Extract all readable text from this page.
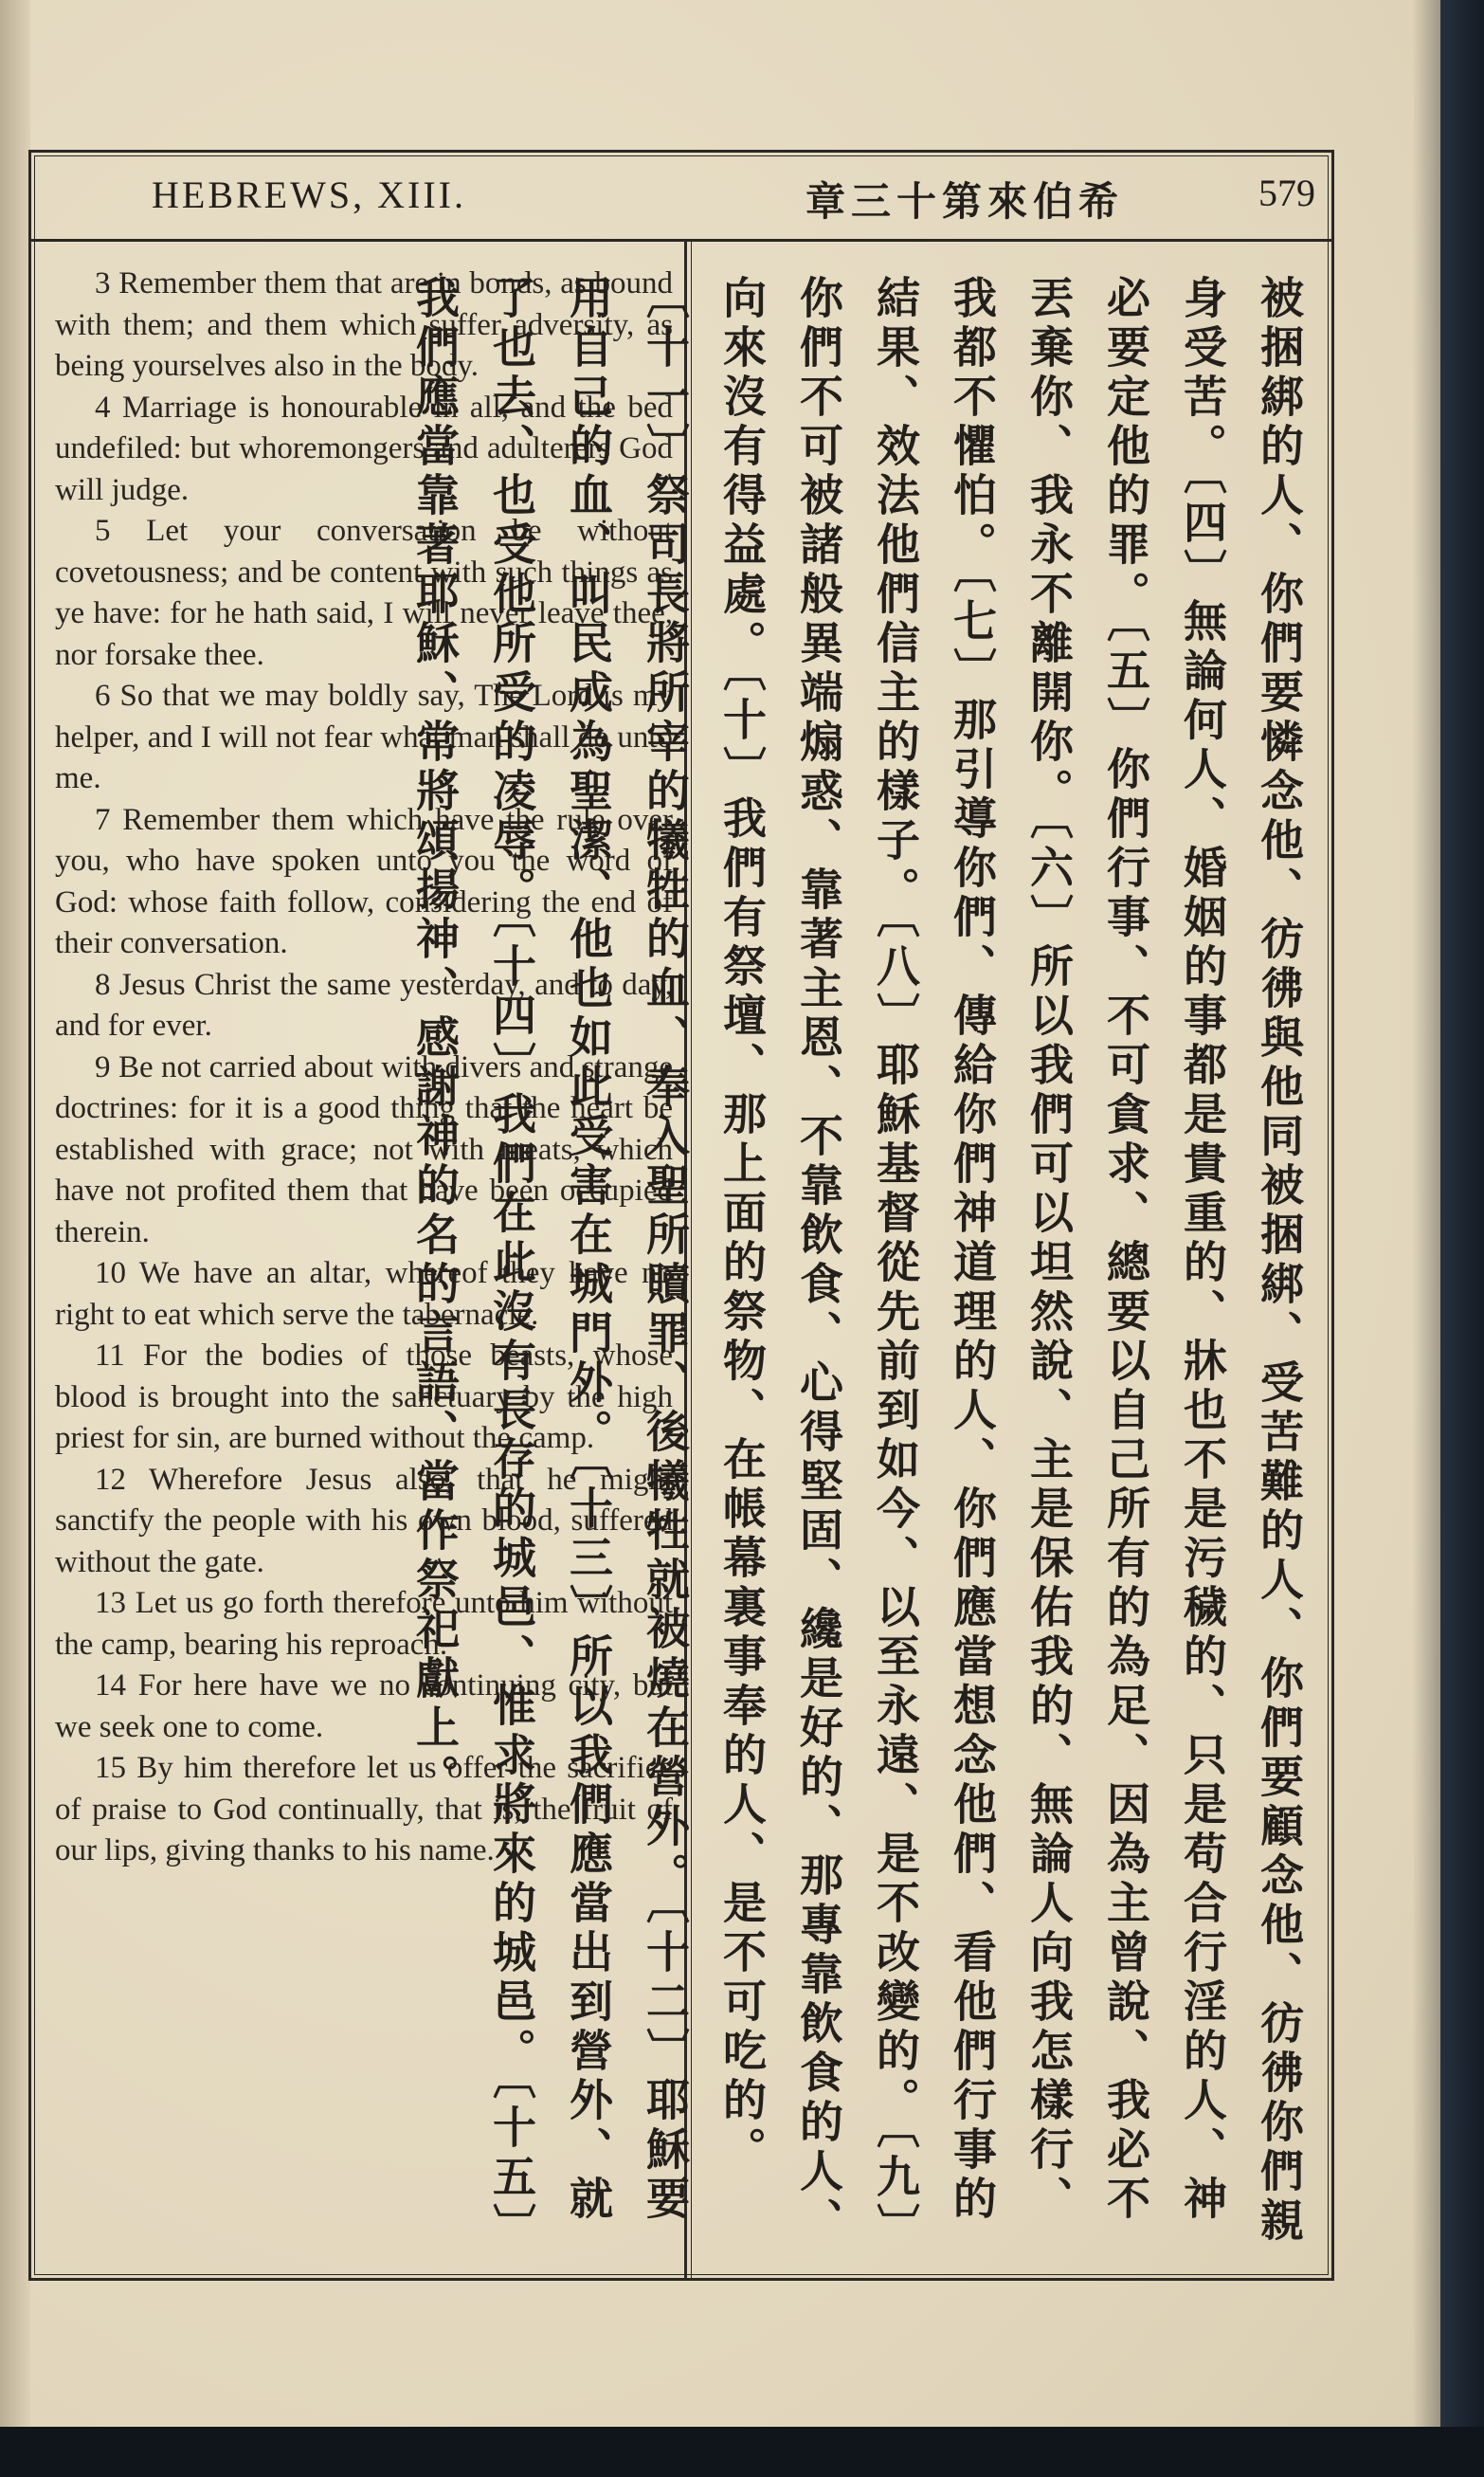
HEBREWS, XIII.	章三十第來伯希	579

3 Remember them that are in bonds, as bound with them; and them which suffer adversity, as being yourselves also in the body.

4 Marriage is honourable in all, and the bed undefiled: but whoremongers and adulterers God will judge.

5 Let your conversation be without covetousness; and be content with such things as ye have: for he hath said, I will never leave thee, nor forsake thee.

6 So that we may boldly say, The Lord is my helper, and I will not fear what man shall do unto me.

7 Remember them which have the rule over you, who have spoken unto you the word of God: whose faith follow, considering the end of their conversation.

8 Jesus Christ the same yesterday, and to day, and for ever.

9 Be not carried about with divers and strange doctrines: for it is a good thing that the heart be established with grace; not with meats, which have not profited them that have been occupied therein.

10 We have an altar, whereof they have no right to eat which serve the tabernacle.

11 For the bodies of those beasts, whose blood is brought into the sanctuary by the high priest for sin, are burned without the camp.

12 Wherefore Jesus also, that he might sanctify the people with his own blood, suffered without the gate.

13 Let us go forth therefore unto him without the camp, bearing his reproach.

14 For here have we no continuing city, but we seek one to come.

15 By him therefore let us offer the sacrifice of praise to God continually, that is, the fruit of our lips, giving thanks to his name.	被捆綁的人、你們要憐念他、彷彿與他同被捆綁、受苦難的人、你們要顧念他、彷彿你們親身受苦。〔四〕無論何人、婚姻的事都是貴重的、牀也不是污穢的、只是苟合行淫的人、神必要定他的罪。〔五〕你們行事、不可貪求、總要以自己所有的為足、因為主曾說、我必不丟棄你、我永不離開你。〔六〕所以我們可以坦然說、主是保佑我的、無論人向我怎樣行、我都不懼怕。〔七〕那引導你們、傳給你們神道理的人、你們應當想念他們、看他們行事的結果、效法他們信主的樣子。〔八〕耶穌基督從先前到如今、以至永遠、是不改變的。〔九〕你們不可被諸般異端煽惑、靠著主恩、不靠飲食、心得堅固、纔是好的、那專靠飲食的人、向來沒有得益處。〔十〕我們有祭壇、那上面的祭物、在帳幕裏事奉的人、是不可吃的。〔十一〕祭司長將所宰的犧牲的血、奉入聖所贖罪、後犧牲就被燒在營外。〔十二〕耶穌要用自己的血、叫民成為聖潔、他也如此受害在城門外。〔十三〕所以我們應當出到營外、就了也去、也受他所受的凌辱。〔十四〕我們在此沒有長存的城邑、惟求將來的城邑。〔十五〕我們應當靠著耶穌、常將頌揚神、感謝神的名的言語、當作祭祀獻上。
